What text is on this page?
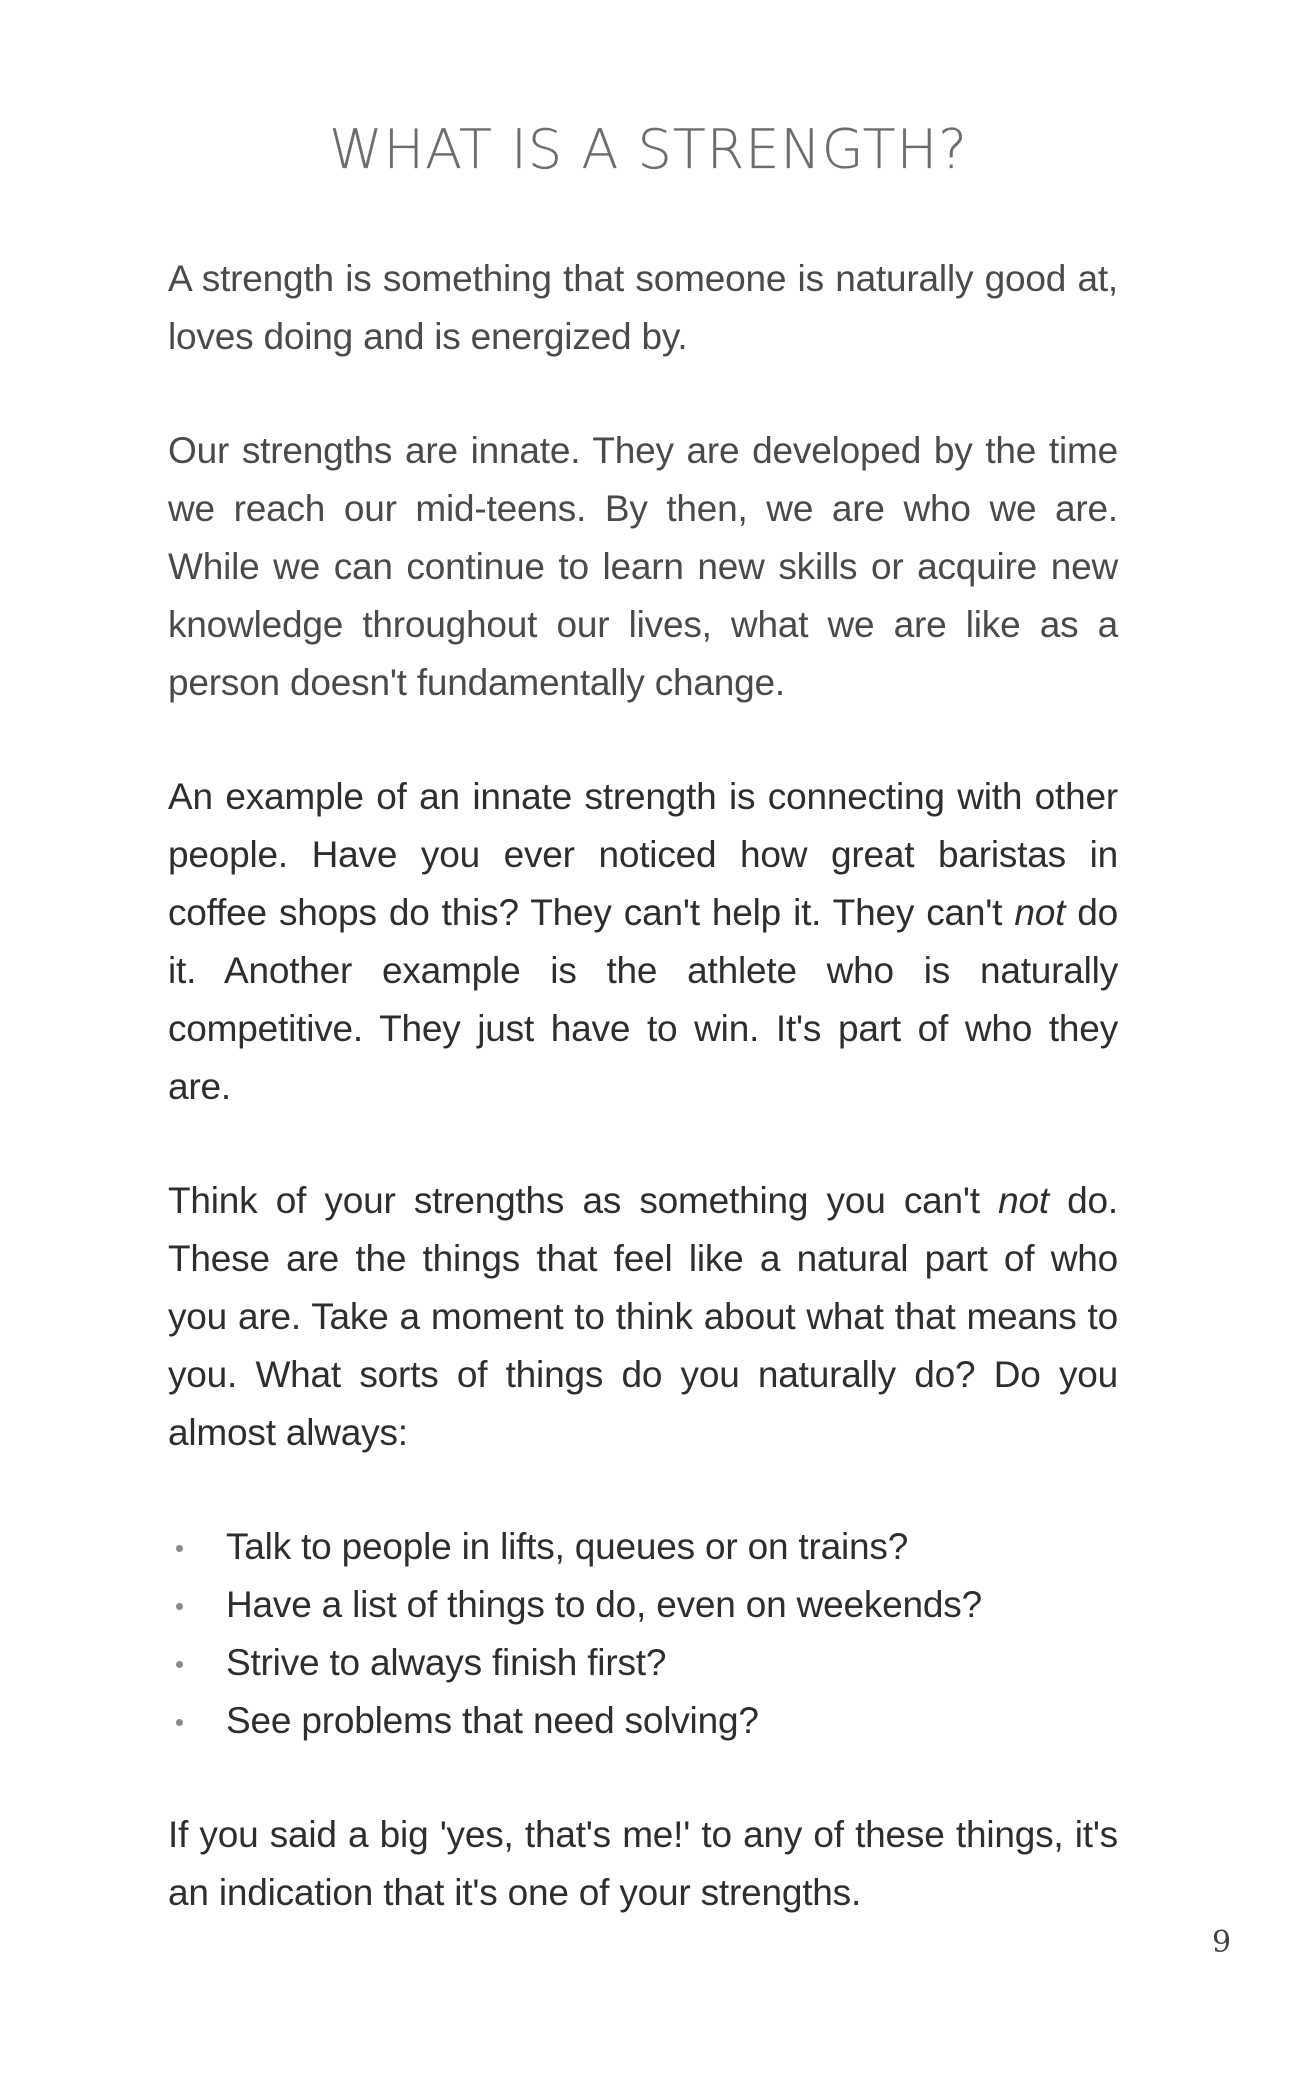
WHAT IS A STRENGTH?

A strength is something that someone is naturally good at, loves doing and is energized by.

Our strengths are innate. They are developed by the time we reach our mid-teens. By then, we are who we are. While we can continue to learn new skills or acquire new knowledge throughout our lives, what we are like as a person doesn't fundamentally change.

An example of an innate strength is connecting with other people. Have you ever noticed how great baristas in coffee shops do this? They can't help it. They can't not do it. Another example is the athlete who is naturally competitive. They just have to win. It's part of who they are.

Think of your strengths as something you can't not do. These are the things that feel like a natural part of who you are. Take a moment to think about what that means to you. What sorts of things do you naturally do? Do you almost always:

Talk to people in lifts, queues or on trains?
Have a list of things to do, even on weekends?
Strive to always finish first?
See problems that need solving?

If you said a big 'yes, that's me!' to any of these things, it's an indication that it's one of your strengths.

9
